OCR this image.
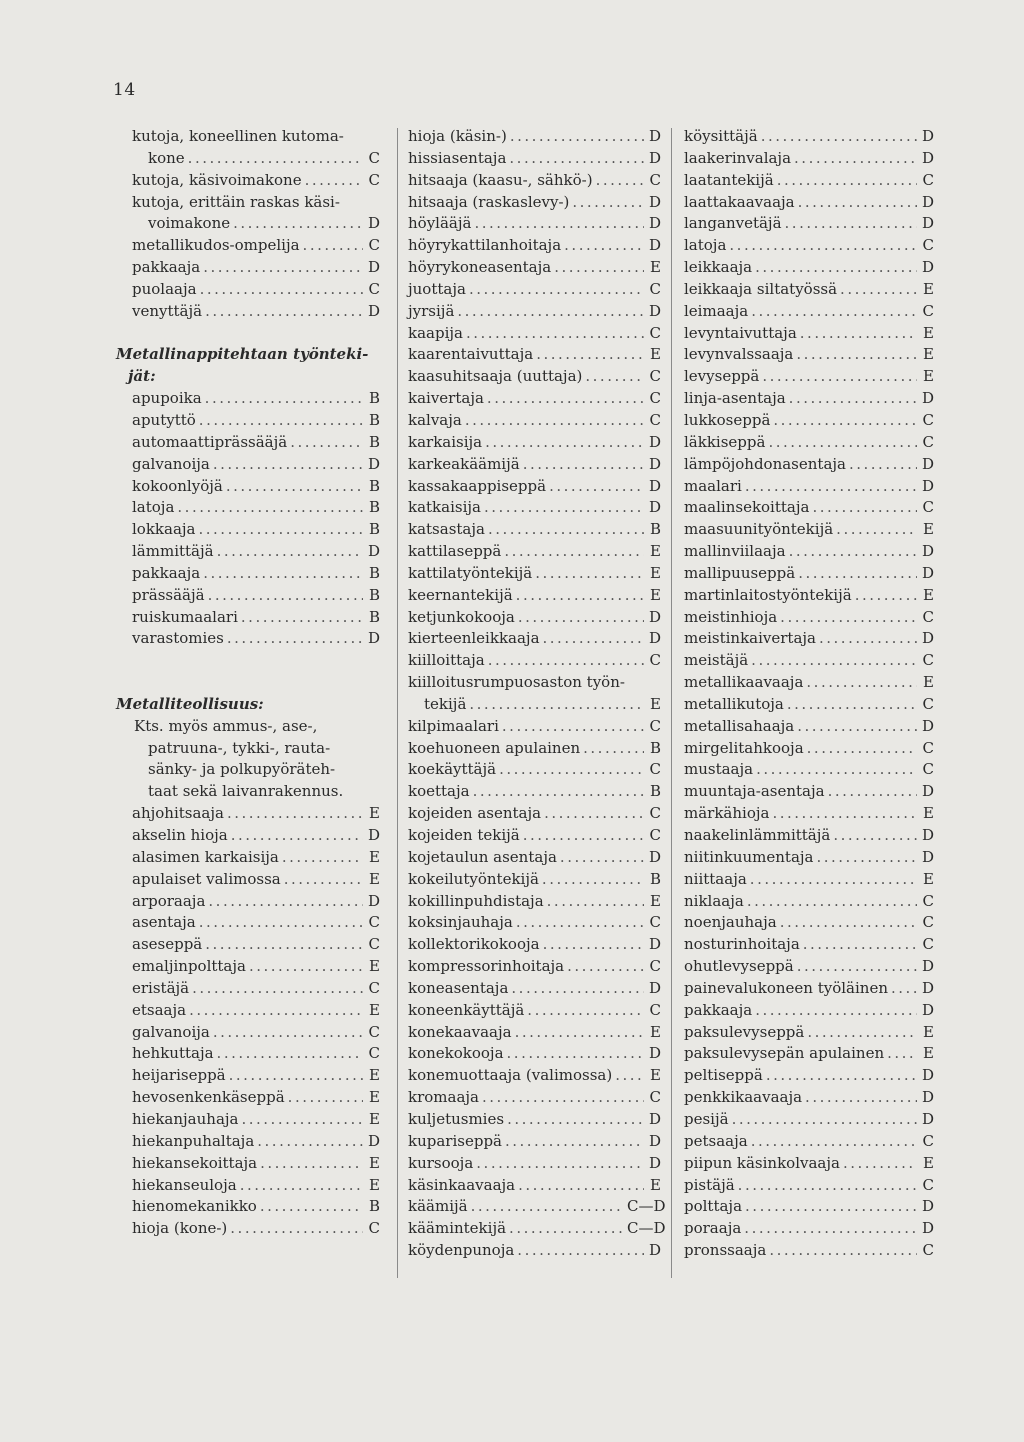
14
kutoja, koneellinen kutoma-
kone .....	C
kutoja, käsivoimakone .....	C
kutoja, erittäin raskas käsi-
voimakone .....	D
metallikudos-ompelija .....	C
pakkaaja .....	D
puolaaja .....	C
venyttäjä .....	D
Metallinappitehtaan työnteki-
jät:
apupoika .....	B
aputyttö .....	B
automaattiprässääjä .....	B
galvanoija .....	D
kokoonlyöjä .....	B
latoja .....	B
lokkaaja .....	B
lämmittäjä .....	D
pakkaaja .....	B
prässääjä .....	B
ruiskumaalari .....	B
varastomies .....	D
Metalliteollisuus:
Kts. myös ammus-, ase-,
patruuna-, tykki-, rauta-
sänky- ja polkupyöräteh-
taat sekä laivanrakennus.
ahjohitsaaja .....	E
akselin hioja .....	D
alasimen karkaisija .....	E
apulaiset valimossa .....	E
arporaaja .....	D
asentaja .....	C
aseseppä .....	C
emaljinpolttaja .....	E
eristäjä .....	C
etsaaja .....	E
galvanoija .....	C
hehkuttaja .....	C
heijariseppä .....	E
hevosenkenkäseppä .....	E
hiekanjauhaja .....	E
hiekanpuhaltaja .....	D
hiekansekoittaja .....	E
hiekanseuloja .....	E
hienomekanikko .....	B
hioja (kone-) .....	C
hioja (käsin-) .....	D
hissiasentaja .....	D
hitsaaja (kaasu-, sähkö-) .....	C
hitsaaja (raskaslevy-) .....	D
höylääjä .....	D
höyrykattilanhoitaja .....	D
höyrykoneasentaja .....	E
juottaja .....	C
jyrsijä .....	D
kaapija .....	C
kaarentaivuttaja .....	E
kaasuhitsaaja (uuttaja) .....	C
kaivertaja .....	C
kalvaja .....	C
karkaisija .....	D
karkeakäämijä .....	D
kassakaappiseppä .....	D
katkaisija .....	D
katsastaja .....	B
kattilaseppä .....	E
kattilatyöntekijä .....	E
keernantekijä .....	E
ketjunkokooja .....	D
kierteenleikkaaja .....	D
kiilloittaja .....	C
kiilloitusrumpuosaston työn-
tekijä .....	E
kilpimaalari .....	C
koehuoneen apulainen .....	B
koekäyttäjä .....	C
koettaja .....	B
kojeiden asentaja .....	C
kojeiden tekijä .....	C
kojetaulun asentaja .....	D
kokeilutyöntekijä .....	B
kokillinpuhdistaja .....	E
koksinjauhaja .....	C
kollektorikokooja .....	D
kompressorinhoitaja .....	C
koneasentaja .....	D
koneenkäyttäjä .....	C
konekaavaaja .....	E
konekokooja .....	D
konemuottaaja (valimossa) .....	E
kromaaja .....	C
kuljetusmies .....	D
kupariseppä .....	D
kursooja .....	D
käsinkaavaaja .....	E
käämijä .....	C—D
käämintekijä .....	C—D
köydenpunoja .....	D
köysittäjä .....	D
laakerinvalaja .....	D
laatantekijä .....	C
laattakaavaaja .....	D
langanvetäjä .....	D
latoja .....	C
leikkaaja .....	D
leikkaaja siltatyössä .....	E
leimaaja .....	C
levyntaivuttaja .....	E
levynvalssaaja .....	E
levyseppä .....	E
linja-asentaja .....	D
lukkoseppä .....	C
läkkiseppä .....	C
lämpöjohdonasentaja .....	D
maalari .....	D
maalinsekoittaja .....	C
maasuunityöntekijä .....	E
mallinviilaaja .....	D
mallipuuseppä .....	D
martinlaitostyöntekijä .....	E
meistinhioja .....	C
meistinkaivertaja .....	D
meistäjä .....	C
metallikaavaaja .....	E
metallikutoja .....	C
metallisahaaja .....	D
mirgelitahkooja .....	C
mustaaja .....	C
muuntaja-asentaja .....	D
märkähioja .....	E
naakelinlämmittäjä .....	D
niitinkuumentaja .....	D
niittaaja .....	E
niklaaja .....	C
noenjauhaja .....	C
nosturinhoitaja .....	C
ohutlevyseppä .....	D
painevalukoneen työläinen ..... D
pakkaaja .....	D
paksulevyseppä .....	E
paksulevysepän apulainen .....	E
peltiseppä .....	D
penkkikaavaaja .....	D
pesijä .....	D
petsaaja .....	C
piipun käsinkolvaaja .....	E
pistäjä .....	C
polttaja .....	D
poraaja .....	D
pronssaaja .....	C
